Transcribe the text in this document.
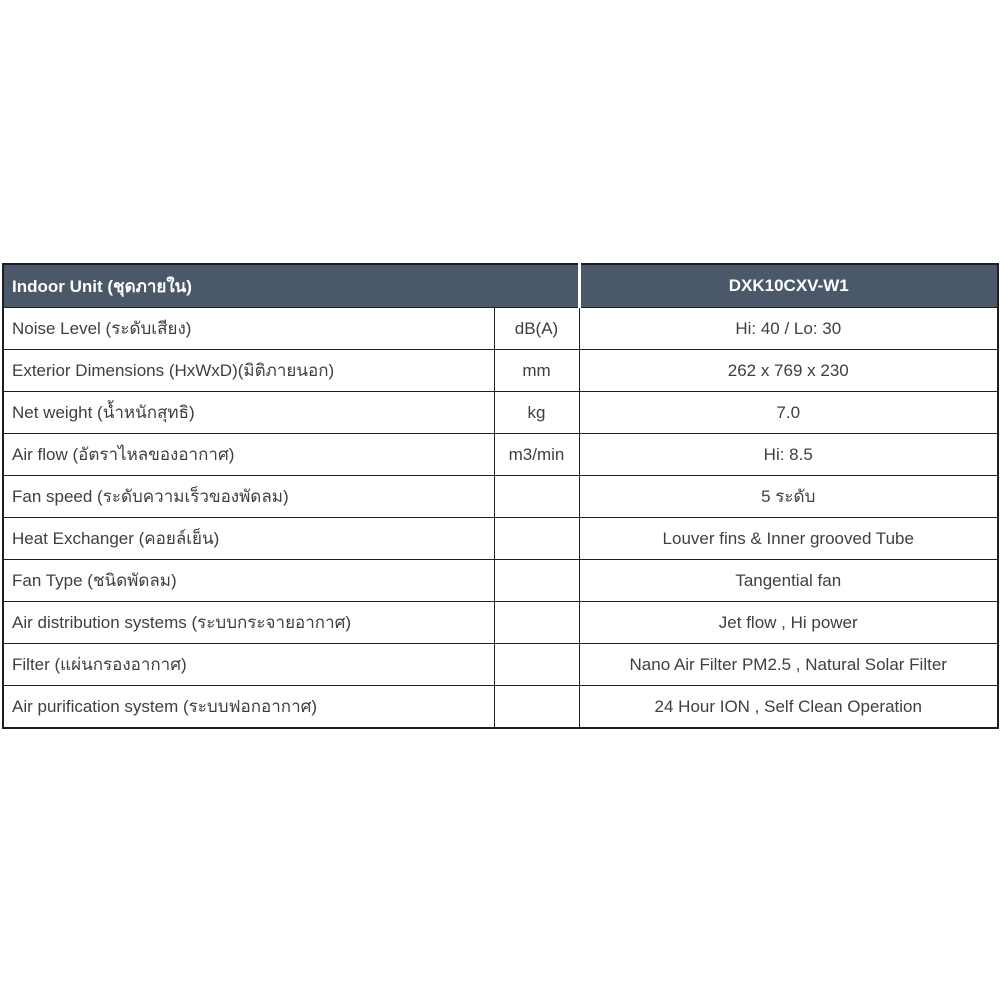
Indoor Unit (ชุดภายใน)		DXK10CXV-W1
Noise Level (ระดับเสียง)	dB(A)	Hi: 40 / Lo: 30
Exterior Dimensions (HxWxD)(มิติภายนอก)	mm	262 x 769 x 230
Net weight (น้ำหนักสุทธิ)	kg	7.0
Air flow (อัตราไหลของอากาศ)	m3/min	Hi: 8.5
Fan speed (ระดับความเร็วของพัดลม)		5 ระดับ
Heat Exchanger (คอยล์เย็น)		Louver fins & Inner grooved Tube
Fan Type (ชนิดพัดลม)		Tangential fan
Air distribution systems (ระบบกระจายอากาศ)		Jet flow , Hi power
Filter (แผ่นกรองอากาศ)		Nano Air Filter PM2.5 , Natural Solar Filter
Air purification system (ระบบฟอกอากาศ)		24 Hour ION , Self Clean Operation
